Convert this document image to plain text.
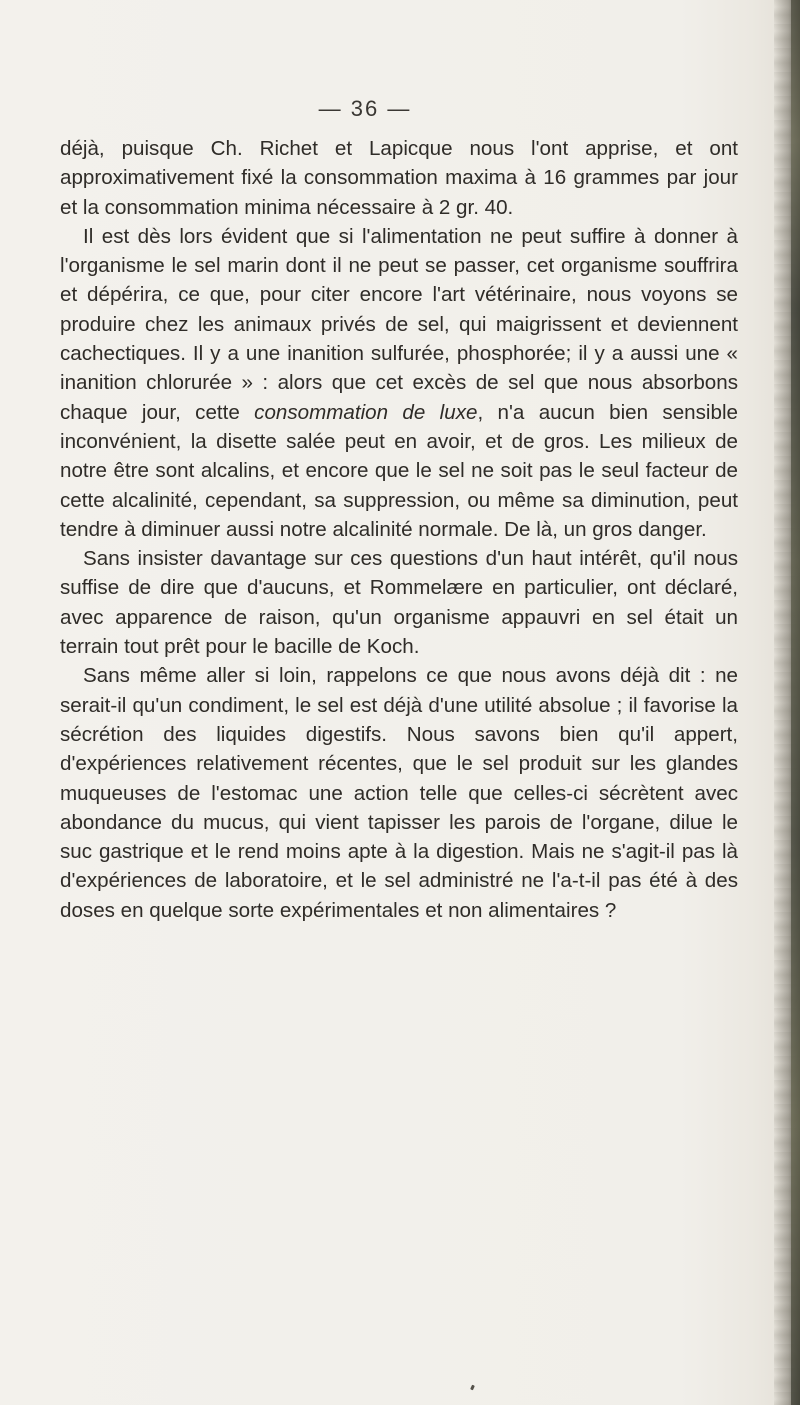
— 36 —

déjà, puisque Ch. Richet et Lapicque nous l'ont apprise, et ont approximativement fixé la consommation maxima à 16 grammes par jour et la consommation minima nécessaire à 2 gr. 40.

Il est dès lors évident que si l'alimentation ne peut suffire à donner à l'organisme le sel marin dont il ne peut se passer, cet organisme souffrira et dépérira, ce que, pour citer encore l'art vétérinaire, nous voyons se produire chez les animaux privés de sel, qui maigrissent et deviennent cachectiques. Il y a une inanition sulfurée, phosphorée; il y a aussi une « inanition chlorurée » : alors que cet excès de sel que nous absorbons chaque jour, cette consommation de luxe, n'a aucun bien sensible inconvénient, la disette salée peut en avoir, et de gros. Les milieux de notre être sont alcalins, et encore que le sel ne soit pas le seul facteur de cette alcalinité, cependant, sa suppression, ou même sa diminution, peut tendre à diminuer aussi notre alcalinité normale. De là, un gros danger.

Sans insister davantage sur ces questions d'un haut intérêt, qu'il nous suffise de dire que d'aucuns, et Rommelære en particulier, ont déclaré, avec apparence de raison, qu'un organisme appauvri en sel était un terrain tout prêt pour le bacille de Koch.

Sans même aller si loin, rappelons ce que nous avons déjà dit : ne serait-il qu'un condiment, le sel est déjà d'une utilité absolue ; il favorise la sécrétion des liquides digestifs. Nous savons bien qu'il appert, d'expériences relativement récentes, que le sel produit sur les glandes muqueuses de l'estomac une action telle que celles-ci sécrètent avec abondance du mucus, qui vient tapisser les parois de l'organe, dilue le suc gastrique et le rend moins apte à la digestion. Mais ne s'agit-il pas là d'expériences de laboratoire, et le sel administré ne l'a-t-il pas été à des doses en quelque sorte expérimentales et non alimentaires ?
